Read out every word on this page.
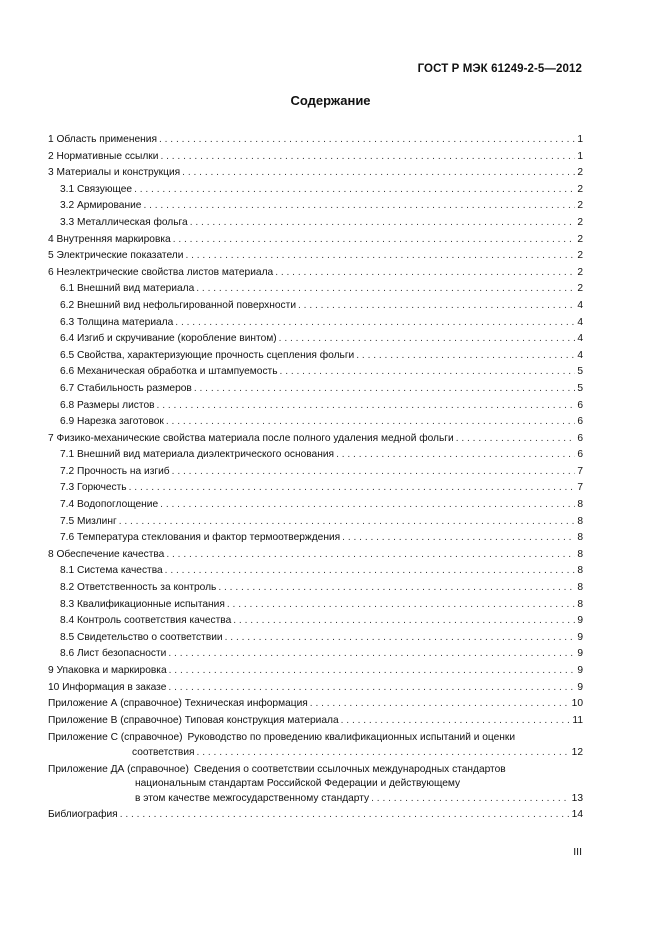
ГОСТ Р МЭК 61249-2-5—2012
Содержание
1 Область применения . . .	1
2 Нормативные ссылки . . .	1
3 Материалы и конструкция . . .	2
3.1 Связующее . . .	2
3.2 Армирование . . .	2
3.3 Металлическая фольга . . .	2
4 Внутренняя маркировка . . .	2
5 Электрические показатели . . .	2
6 Неэлектрические свойства листов материала . . .	2
6.1 Внешний вид материала . . .	2
6.2 Внешний вид нефольгированной поверхности . . .	4
6.3 Толщина материала . . .	4
6.4 Изгиб и скручивание (коробление винтом) . . .	4
6.5 Свойства, характеризующие прочность сцепления фольги . . .	4
6.6 Механическая обработка и штампуемость . . .	5
6.7 Стабильность размеров . . .	5
6.8 Размеры листов . . .	6
6.9 Нарезка заготовок . . .	6
7 Физико-механические свойства материала после полного удаления медной фольги . . .	6
7.1 Внешний вид материала диэлектрического основания . . .	6
7.2 Прочность на изгиб . . .	7
7.3 Горючесть . . .	7
7.4 Водопоглощение . . .	8
7.5 Мизлинг . . .	8
7.6 Температура стеклования и фактор термоотверждения . . .	8
8 Обеспечение качества . . .	8
8.1 Система качества . . .	8
8.2 Ответственность за контроль . . .	8
8.3 Квалификационные испытания . . .	8
8.4 Контроль соответствия качества . . .	9
8.5 Свидетельство о соответствии . . .	9
8.6 Лист безопасности . . .	9
9 Упаковка и маркировка . . .	9
10 Информация в заказе . . .	9
Приложение А (справочное) Техническая информация . . .	10
Приложение В (справочное) Типовая конструкция материала . . .	11
Приложение С (справочное) Руководство по проведению квалификационных испытаний и оценки
соответствия . . .	12
Приложение ДА (справочное) Сведения о соответствии ссылочных международных стандартов
национальным стандартам Российской Федерации и действующему
в этом качестве межгосударственному стандарту . . .	13
Библиография . . .	14
III
